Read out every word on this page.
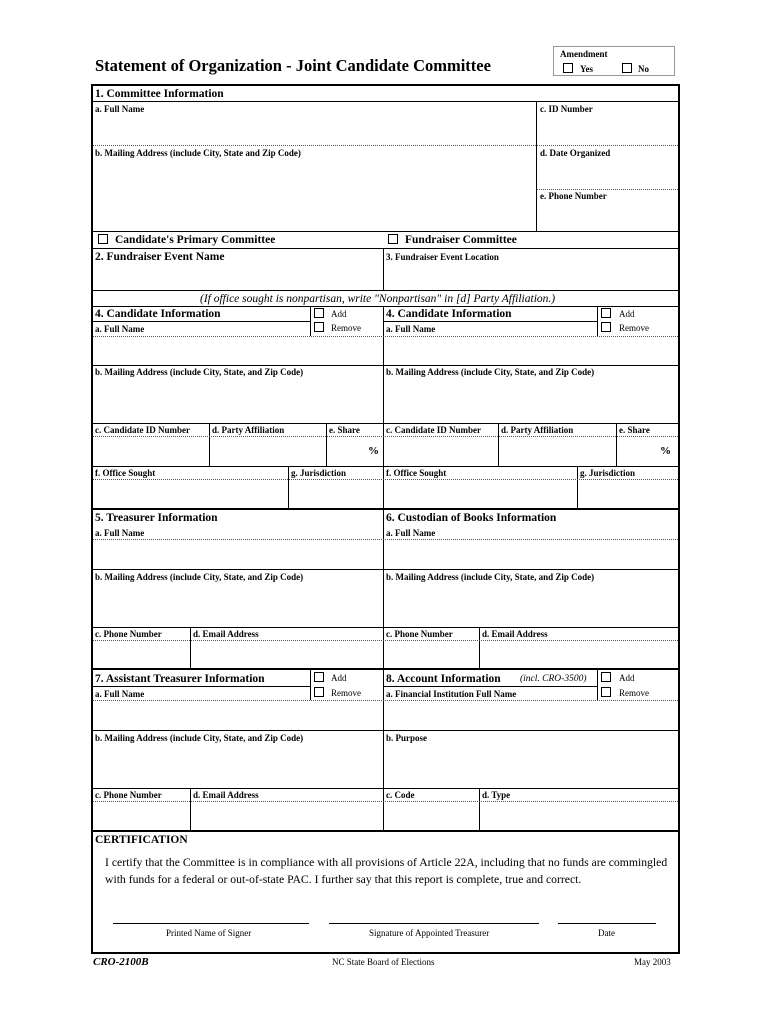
Statement of Organization - Joint Candidate Committee
Amendment
Yes	No
1. Committee Information
a. Full Name	c. ID Number
b. Mailing Address (include City, State and Zip Code)	d. Date Organized
e. Phone Number
Candidate's Primary Committee	Fundraiser Committee
2. Fundraiser Event Name	3. Fundraiser Event Location
(If office sought is nonpartisan, write "Nonpartisan" in [d] Party Affiliation.)
4. Candidate Information	Add
Remove
a. Full Name
4. Candidate Information	Add
Remove
a. Full Name
b. Mailing Address (include City, State, and Zip Code)	b. Mailing Address (include City, State, and Zip Code)
c. Candidate ID Number d. Party Affiliation	e. Share
%
c. Candidate ID Number d. Party Affiliation	e. Share
%
f. Office Sought	g. Jurisdiction	f. Office Sought	g. Jurisdiction
5. Treasurer Information	6. Custodian of Books Information
a. Full Name	a. Full Name
b. Mailing Address (include City, State, and Zip Code)	b. Mailing Address (include City, State, and Zip Code)
c. Phone Number	d. Email Address	c. Phone Number	d. Email Address
7. Assistant Treasurer Information	Add
Remove
a. Full Name
8. Account Information (incl. CRO-3500)	Add
Remove
a. Financial Institution Full Name
b. Mailing Address (include City, State, and Zip Code)	b. Purpose
c. Phone Number	d. Email Address	c. Code	d. Type
CERTIFICATION
I certify that the Committee is in compliance with all provisions of Article 22A, including that no funds are commingled
with funds for a federal or out-of-state PAC. I further say that this report is complete, true and correct.
Printed Name of Signer	Signature of Appointed Treasurer	Date
CRO-2100B	NC State Board of Elections	May 2003
